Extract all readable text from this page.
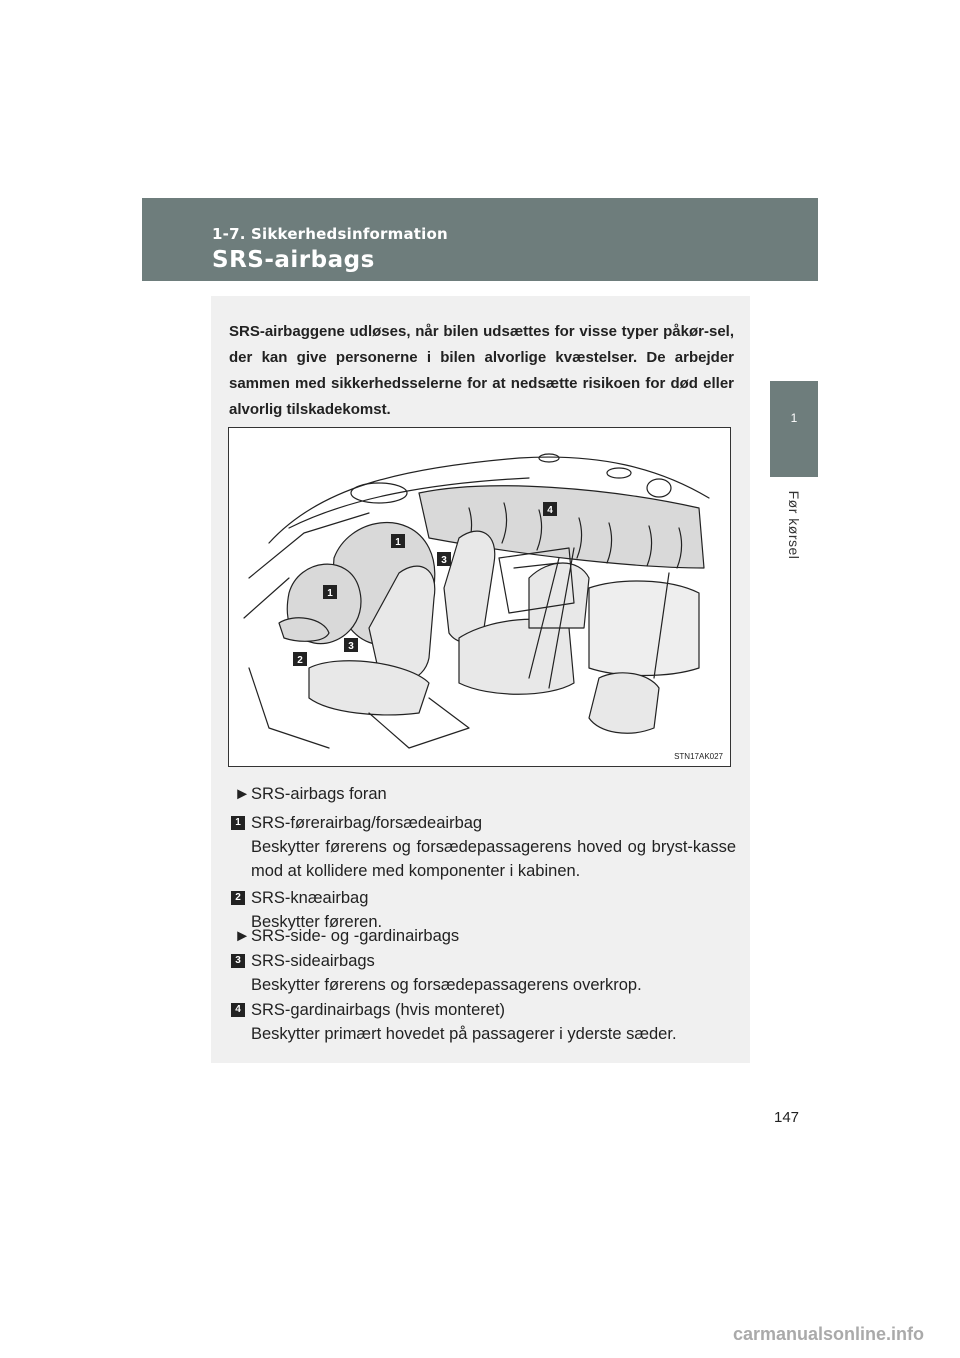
1-7. Sikkerhedsinformation
SRS-airbags
1
Før kørsel
SRS-airbaggene udløses, når bilen udsættes for visse typer påkør-sel, der kan give personerne i bilen alvorlige kvæstelser. De arbejder sammen med sikkerhedsselerne for at nedsætte risikoen for død eller alvorlig tilskadekomst.
1
1
2
3
3
4
STN17AK027
► SRS-airbags foran
1 SRS-førerairbag/forsædeairbag
Beskytter førerens og forsædepassagerens hoved og bryst-kasse mod at kollidere med komponenter i kabinen.
2 SRS-knæairbag
Beskytter føreren.
► SRS-side- og -gardinairbags
3 SRS-sideairbags
Beskytter førerens og forsædepassagerens overkrop.
4 SRS-gardinairbags (hvis monteret)
Beskytter primært hovedet på passagerer i yderste sæder.
147
carmanualsonline.info
